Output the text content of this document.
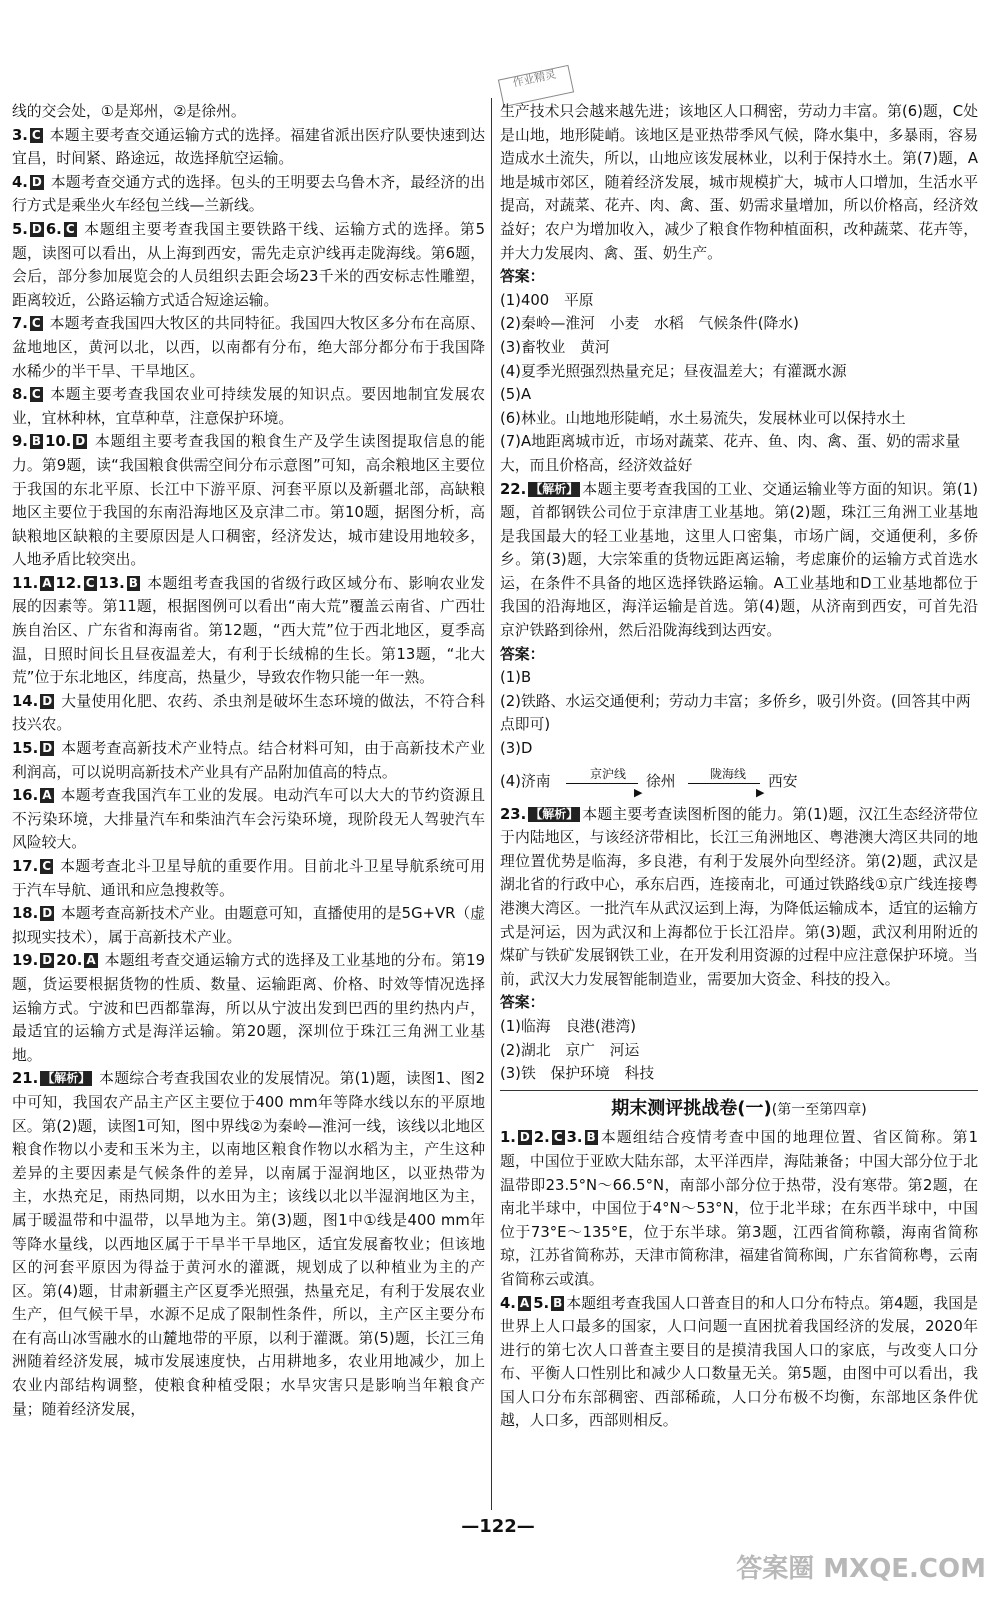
作业精灵

线的交会处，①是郑州，②是徐州。

3. C 本题主要考查交通运输方式的选择。福建省派出医疗队要快速到达宜昌，时间紧、路途远，故选择航空运输。

4. D 本题考查交通方式的选择。包头的王明要去乌鲁木齐，最经济的出行方式是乘坐火车经包兰线—兰新线。

5. D 6. C 本题组主要考查我国主要铁路干线、运输方式的选择。第5题，读图可以看出，从上海到西安，需先走京沪线再走陇海线。第6题，会后，部分参加展览会的人员组织去距会场23千米的西安标志性雕塑，距离较近，公路运输方式适合短途运输。

7. C 本题考查我国四大牧区的共同特征。我国四大牧区多分布在高原、盆地地区，黄河以北，以西，以南都有分布，绝大部分都分布于我国降水稀少的半干旱、干旱地区。

8. C 本题主要考查我国农业可持续发展的知识点。要因地制宜发展农业，宜林种林，宜草种草，注意保护环境。

9. B 10. D 本题组主要考查我国的粮食生产及学生读图提取信息的能力。第9题，读“我国粮食供需空间分布示意图”可知，高余粮地区主要位于我国的东北平原、长江中下游平原、河套平原以及新疆北部，高缺粮地区主要位于我国的东南沿海地区及京津二市。第10题，据图分析，高缺粮地区缺粮的主要原因是人口稠密，经济发达，城市建设用地较多，人地矛盾比较突出。

11. A 12. C 13. B 本题组考查我国的省级行政区域分布、影响农业发展的因素等。第11题，根据图例可以看出“南大荒”覆盖云南省、广西壮族自治区、广东省和海南省。第12题，“西大荒”位于西北地区，夏季高温，日照时间长且昼夜温差大，有利于长绒棉的生长。第13题，“北大荒”位于东北地区，纬度高，热量少，导致农作物只能一年一熟。

14. D 大量使用化肥、农药、杀虫剂是破坏生态环境的做法，不符合科技兴农。

15. D 本题考查高新技术产业特点。结合材料可知，由于高新技术产业利润高，可以说明高新技术产业具有产品附加值高的特点。

16. A 本题考查我国汽车工业的发展。电动汽车可以大大的节约资源且不污染环境，大排量汽车和柴油汽车会污染环境，现阶段无人驾驶汽车风险较大。

17. C 本题考查北斗卫星导航的重要作用。目前北斗卫星导航系统可用于汽车导航、通讯和应急搜救等。

18. D 本题考查高新技术产业。由题意可知，直播使用的是5G+VR（虚拟现实技术），属于高新技术产业。

19. D 20. A 本题组考查交通运输方式的选择及工业基地的分布。第19题，货运要根据货物的性质、数量、运输距离、价格、时效等情况选择运输方式。宁波和巴西都靠海，所以从宁波出发到巴西的里约热内卢，最适宜的运输方式是海洋运输。第20题，深圳位于珠江三角洲工业基地。

21. 【解析】 本题综合考查我国农业的发展情况。第(1)题，读图1、图2中可知，我国农产品主产区主要位于400 mm年等降水线以东的平原地区。第(2)题，读图1可知，图中界线②为秦岭—淮河一线，该线以北地区粮食作物以小麦和玉米为主，以南地区粮食作物以水稻为主，产生这种差异的主要因素是气候条件的差异，以南属于湿润地区，以亚热带为主，水热充足，雨热同期，以水田为主；该线以北以半湿润地区为主，属于暖温带和中温带，以旱地为主。第(3)题，图1中①线是400 mm年等降水量线，以西地区属于干旱半干旱地区，适宜发展畜牧业；但该地区的河套平原因为得益于黄河水的灌溉，规划成了以种植业为主的产区。第(4)题，甘肃新疆主产区夏季光照强，热量充足，有利于发展农业生产，但气候干旱，水源不足成了限制性条件，所以，主产区主要分布在有高山冰雪融水的山麓地带的平原，以利于灌溉。第(5)题，长江三角洲随着经济发展，城市发展速度快，占用耕地多，农业用地减少，加上农业内部结构调整，使粮食种植受限；水旱灾害只是影响当年粮食产量；随着经济发展，

生产技术只会越来越先进；该地区人口稠密，劳动力丰富。第(6)题，C处是山地，地形陡峭。该地区是亚热带季风气候，降水集中，多暴雨，容易造成水土流失，所以，山地应该发展林业，以利于保持水土。第(7)题，A地是城市郊区，随着经济发展，城市规模扩大，城市人口增加，生活水平提高，对蔬菜、花卉、肉、禽、蛋、奶需求量增加，所以价格高，经济效益好；农户为增加收入，减少了粮食作物种植面积，改种蔬菜、花卉等，并大力发展肉、禽、蛋、奶生产。

答案：
(1)400　平原
(2)秦岭—淮河　小麦　水稻　气候条件(降水)
(3)畜牧业　黄河
(4)夏季光照强烈热量充足；昼夜温差大；有灌溉水源
(5)A
(6)林业。山地地形陡峭，水土易流失，发展林业可以保持水土
(7)A地距离城市近，市场对蔬菜、花卉、鱼、肉、禽、蛋、奶的需求量大，而且价格高，经济效益好

22. 【解析】 本题主要考查我国的工业、交通运输业等方面的知识。第(1)题，首都钢铁公司位于京津唐工业基地。第(2)题，珠江三角洲工业基地是我国最大的轻工业基地，这里人口密集，市场广阔，交通便利，多侨乡。第(3)题，大宗笨重的货物远距离运输，考虑廉价的运输方式首选水运，在条件不具备的地区选择铁路运输。A工业基地和D工业基地都位于我国的沿海地区，海洋运输是首选。第(4)题，从济南到西安，可首先沿京沪铁路到徐州，然后沿陇海线到达西安。

答案：
(1)B
(2)铁路、水运交通便利；劳动力丰富；多侨乡，吸引外资。(回答其中两点即可)
(3)D
(4)济南	京沪线
▶
徐州	陇海线
▶
西安

23. 【解析】 本题主要考查读图析图的能力。第(1)题，汉江生态经济带位于内陆地区，与该经济带相比，长江三角洲地区、粤港澳大湾区共同的地理位置优势是临海，多良港，有利于发展外向型经济。第(2)题，武汉是湖北省的行政中心，承东启西，连接南北，可通过铁路线①京广线连接粤港澳大湾区。一批汽车从武汉运到上海，为降低运输成本，适宜的运输方式是河运，因为武汉和上海都位于长江沿岸。第(3)题，武汉利用附近的煤矿与铁矿发展钢铁工业，在开发利用资源的过程中应注意保护环境。当前，武汉大力发展智能制造业，需要加大资金、科技的投入。

答案：
(1)临海　良港(港湾)
(2)湖北　京广　河运
(3)铁　保护环境　科技
期末测评挑战卷(一)(第一至第四章)

1. D 2. C 3. B 本题组结合疫情考查中国的地理位置、省区简称。第1题，中国位于亚欧大陆东部，太平洋西岸，海陆兼备；中国大部分位于北温带即23.5°N～66.5°N，南部小部分位于热带，没有寒带。第2题，在南北半球中，中国位于4°N～53°N，位于北半球；在东西半球中，中国位于73°E～135°E，位于东半球。第3题，江西省简称赣，海南省简称琼，江苏省简称苏，天津市简称津，福建省简称闽，广东省简称粤，云南省简称云或滇。

4. A 5. B 本题组考查我国人口普查目的和人口分布特点。第4题，我国是世界上人口最多的国家，人口问题一直困扰着我国经济的发展，2020年进行的第七次人口普查主要目的是摸清我国人口的家底，与改变人口分布、平衡人口性别比和减少人口数量无关。第5题，由图中可以看出，我国人口分布东部稠密、西部稀疏，人口分布极不均衡，东部地区条件优越，人口多，西部则相反。

—122—
答案圈 MXQE.COM
